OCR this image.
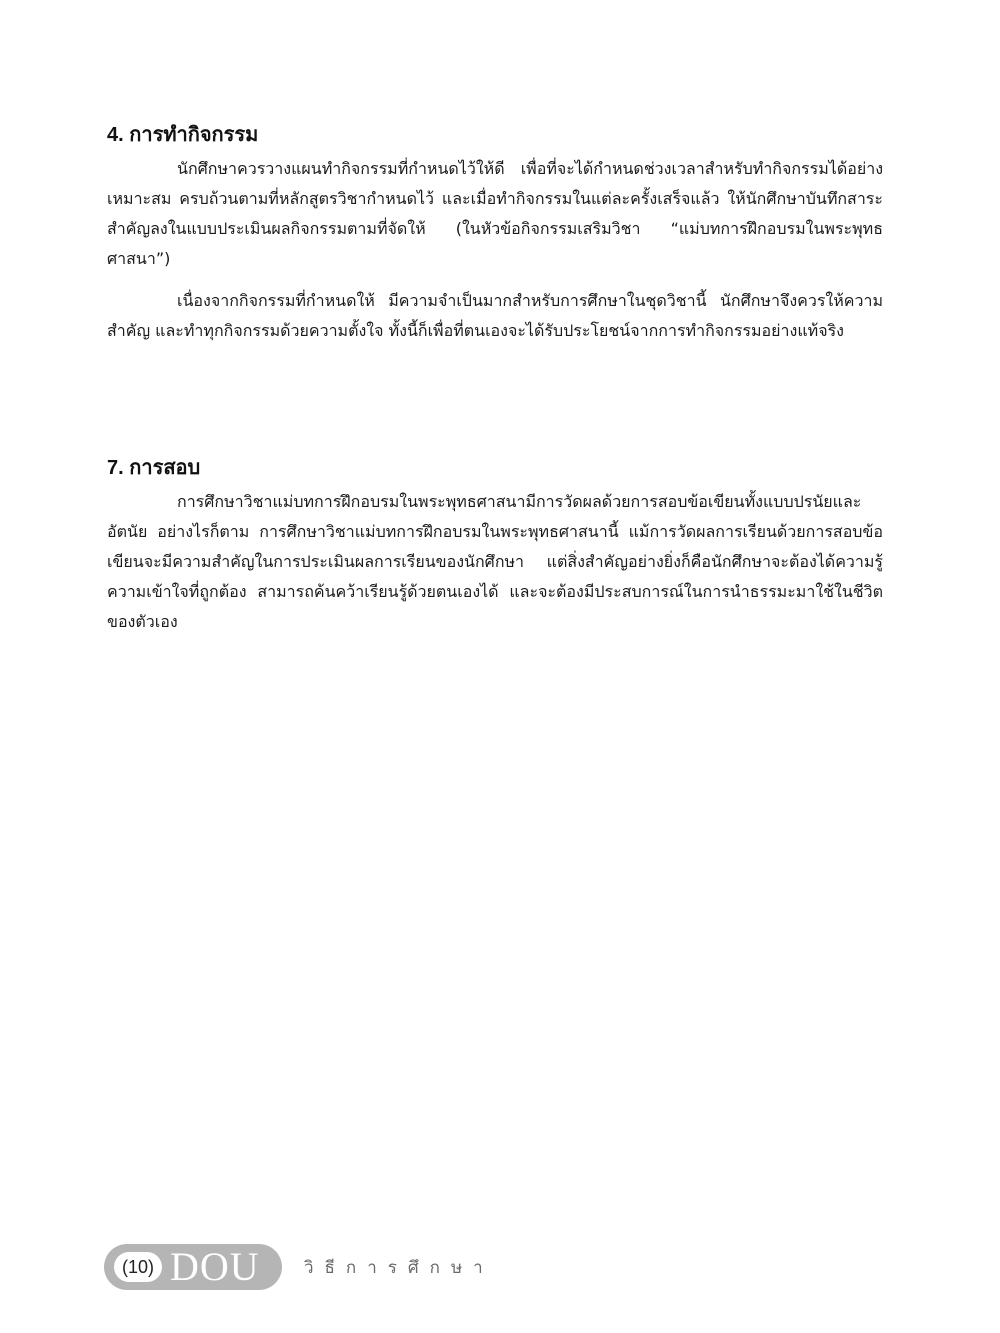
4. การทำกิจกรรม

นักศึกษาควรวางแผนทำกิจกรรมที่กำหนดไว้ให้ดี เพื่อที่จะได้กำหนดช่วงเวลาสำหรับทำกิจกรรมได้อย่างเหมาะสม ครบถ้วนตามที่หลักสูตรวิชากำหนดไว้ และเมื่อทำกิจกรรมในแต่ละครั้งเสร็จแล้ว ให้นักศึกษาบันทึกสาระสำคัญลงในแบบประเมินผลกิจกรรมตามที่จัดให้ (ในหัวข้อกิจกรรมเสริมวิชา “แม่บทการฝึกอบรมในพระพุทธศาสนา”)

เนื่องจากกิจกรรมที่กำหนดให้ มีความจำเป็นมากสำหรับการศึกษาในชุดวิชานี้ นักศึกษาจึงควรให้ความสำคัญ และทำทุกกิจกรรมด้วยความตั้งใจ ทั้งนี้ก็เพื่อที่ตนเองจะได้รับประโยชน์จากการทำกิจกรรมอย่างแท้จริง

7. การสอบ

การศึกษาวิชาแม่บทการฝึกอบรมในพระพุทธศาสนามีการวัดผลด้วยการสอบข้อเขียนทั้งแบบปรนัยและอัตนัย อย่างไรก็ตาม การศึกษาวิชาแม่บทการฝึกอบรมในพระพุทธศาสนานี้ แม้การวัดผลการเรียนด้วยการสอบข้อเขียนจะมีความสำคัญในการประเมินผลการเรียนของนักศึกษา แต่สิ่งสำคัญอย่างยิ่งก็คือนักศึกษาจะต้องได้ความรู้ความเข้าใจที่ถูกต้อง สามารถค้นคว้าเรียนรู้ด้วยตนเองได้ และจะต้องมีประสบการณ์ในการนำธรรมะมาใช้ในชีวิตของตัวเอง

(10) DOU	วิธีการศึกษา
